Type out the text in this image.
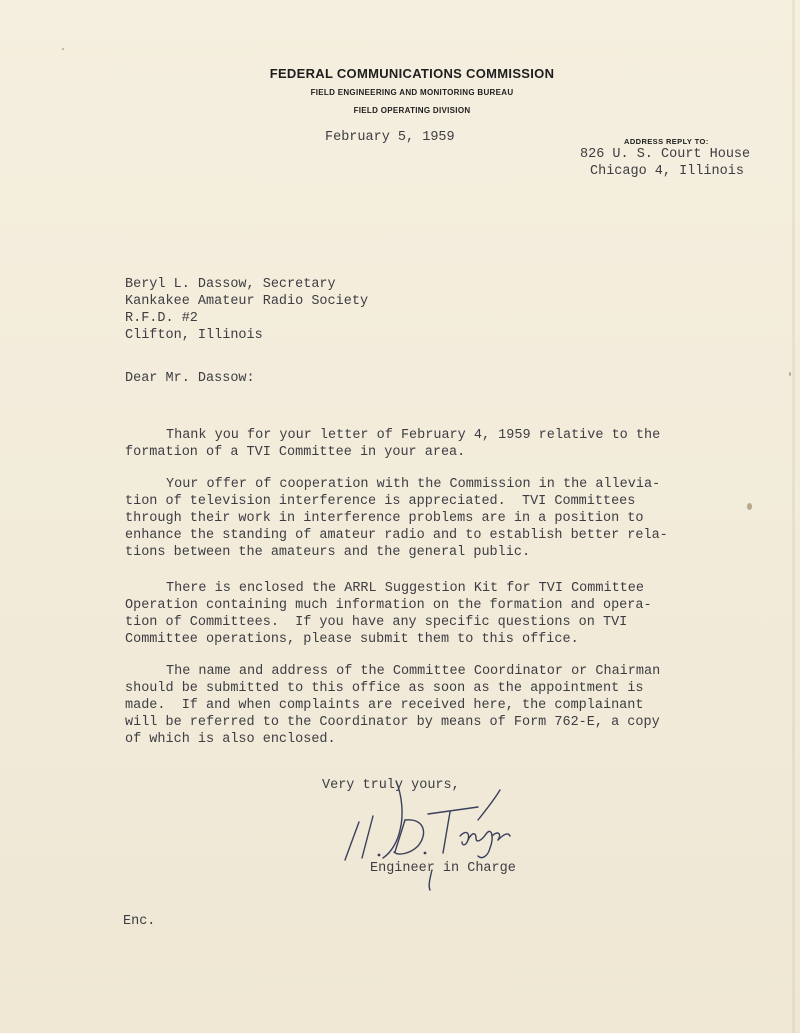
FEDERAL COMMUNICATIONS COMMISSION
FIELD ENGINEERING AND MONITORING BUREAU
FIELD OPERATING DIVISION
February 5, 1959	ADDRESS REPLY TO:
826 U. S. Court House
Chicago 4, Illinois
Beryl L. Dassow, Secretary
Kankakee Amateur Radio Society
R.F.D. #2
Clifton, Illinois
Dear Mr. Dassow:
Thank you for your letter of February 4, 1959 relative to the
formation of a TVI Committee in your area.
Your offer of cooperation with the Commission in the allevia-
tion of television interference is appreciated.  TVI Committees
through their work in interference problems are in a position to
enhance the standing of amateur radio and to establish better rela-
tions between the amateurs and the general public.
There is enclosed the ARRL Suggestion Kit for TVI Committee
Operation containing much information on the formation and opera-
tion of Committees.  If you have any specific questions on TVI
Committee operations, please submit them to this office.
The name and address of the Committee Coordinator or Chairman
should be submitted to this office as soon as the appointment is
made.  If and when complaints are received here, the complainant
will be referred to the Coordinator by means of Form 762-E, a copy
of which is also enclosed.
Very truly yours,
Engineer in Charge
Enc.
